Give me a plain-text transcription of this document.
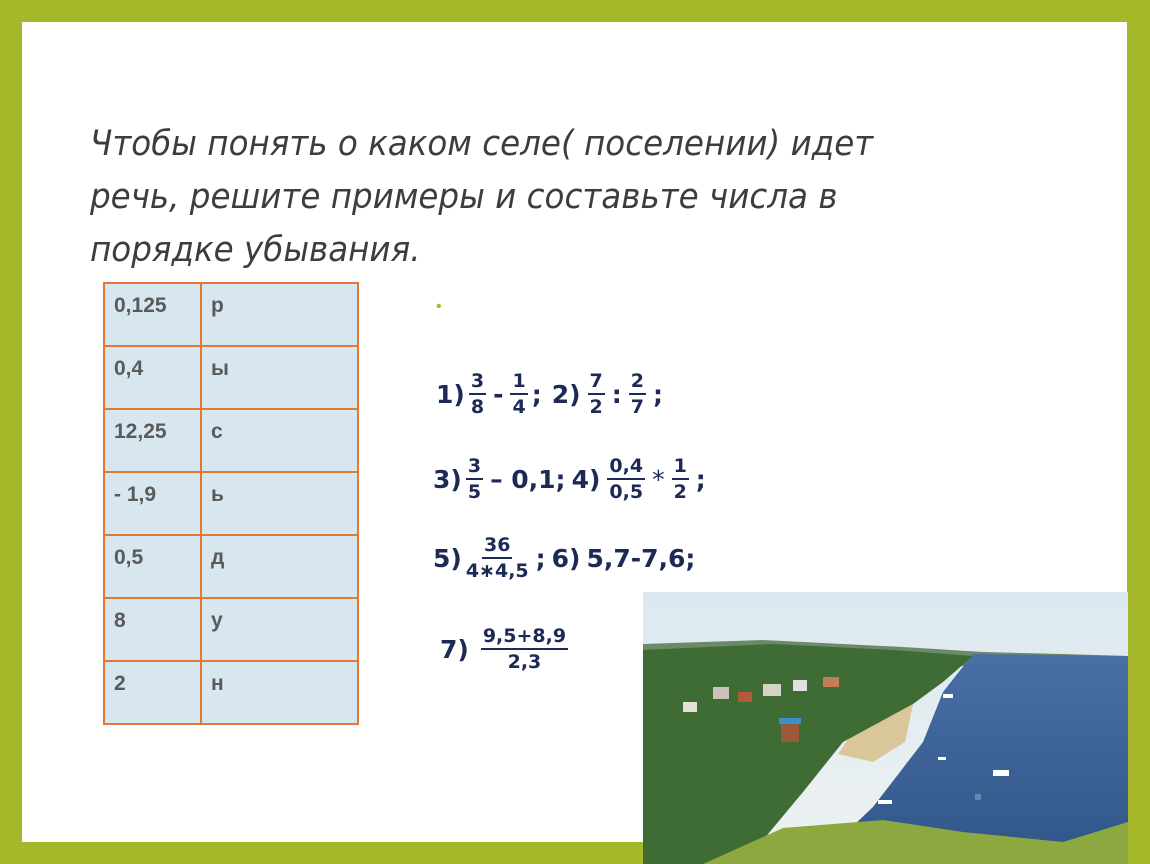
Чтобы понять о каком селе( поселении) идет речь, решите примеры и составьте числа в порядке убывания.
0,125	р
0,4	ы
12,25	с
- 1,9	ь
0,5	д
8	у
2	н
•
$1) \frac{3}{8} - \frac{1}{4}$ ; $2) \frac{7}{2}$ : $\frac{2}{7}$ ;
$3) \frac{3}{5} - 0,1$; $4) \frac{0,4}{0,5} * \frac{1}{2}$ ;
$5) \frac{36}{4∗4,5}$ ; 6) 5,7-7,6;
$7) \frac{9,5+8,9}{2,3}$
